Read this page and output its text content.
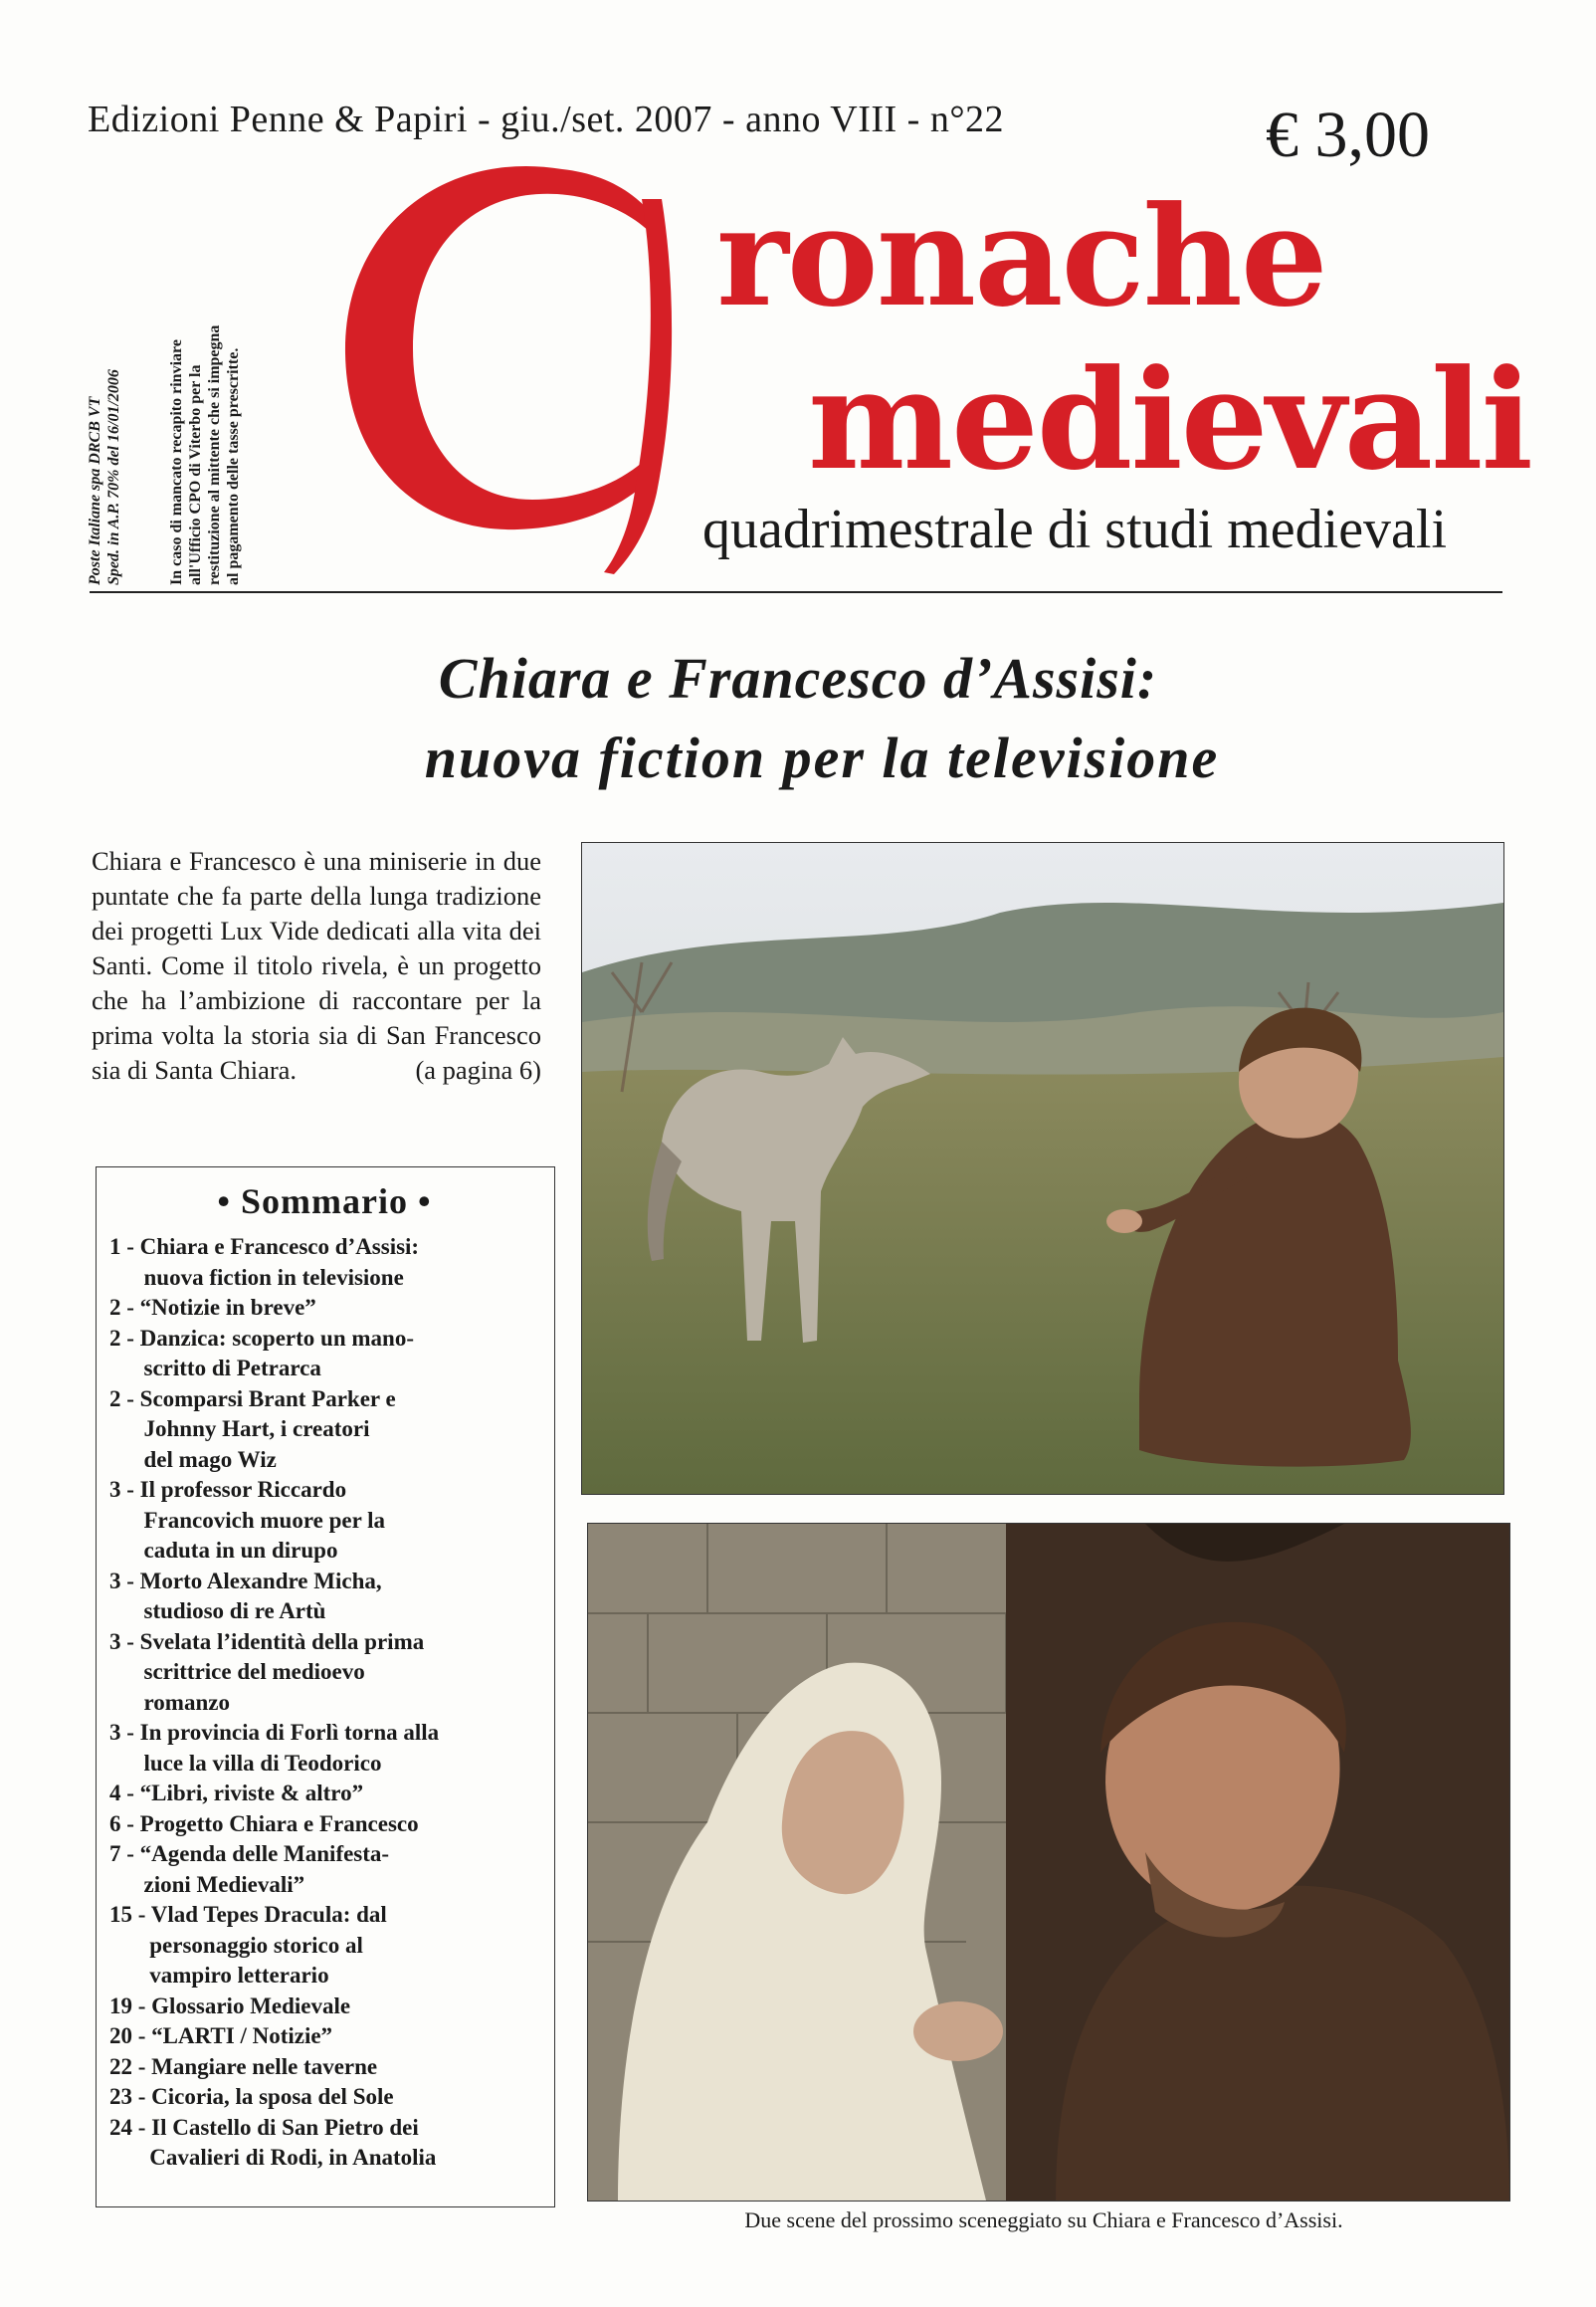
Edizioni Penne & Papiri - giu./set. 2007 - anno VIII - n°22	€ 3,00
Poste Italiane spa DRCB VT
Sped. in A.P. 70% del 16/01/2006
In caso di mancato recapito rinviare
all'Ufficio CPO di Viterbo per la
restituzione al mittente che si impegna
al pagamento delle tasse prescritte.
ronache
medievali
quadrimestrale di studi medievali
Chiara e Francesco d’Assisi:
nuova fiction per la televisione
Chiara e Francesco è una miniserie in due puntate che fa parte della lunga tradizione dei progetti Lux Vide dedicati alla vita dei Santi. Come il titolo rivela, è un progetto che ha l’ambizione di raccontare per la prima volta la storia sia di San Francesco sia di Santa Chiara.	(a pagina 6)
Due scene del prossimo sceneggiato su Chiara e Francesco d’Assisi.
• Sommario •
1 - Chiara e Francesco d’Assisi:
nuova fiction in televisione
2 - “Notizie in breve”
2 - Danzica: scoperto un mano-
scritto di Petrarca
2 - Scomparsi Brant Parker e
Johnny Hart, i creatori
del mago Wiz
3 - Il professor Riccardo
Francovich muore per la
caduta in un dirupo
3 - Morto Alexandre Micha,
studioso di re Artù
3 - Svelata l’identità della prima
scrittrice del medioevo
romanzo
3 - In provincia di Forlì torna alla
luce la villa di Teodorico
4 - “Libri, riviste & altro”
6 - Progetto Chiara e Francesco
7 - “Agenda delle Manifesta-
zioni Medievali”
15 - Vlad Tepes Dracula: dal
personaggio storico al
vampiro letterario
19 - Glossario Medievale
20 - “LARTI / Notizie”
22 - Mangiare nelle taverne
23 - Cicoria, la sposa del Sole
24 - Il Castello di San Pietro dei
Cavalieri di Rodi, in Anatolia
